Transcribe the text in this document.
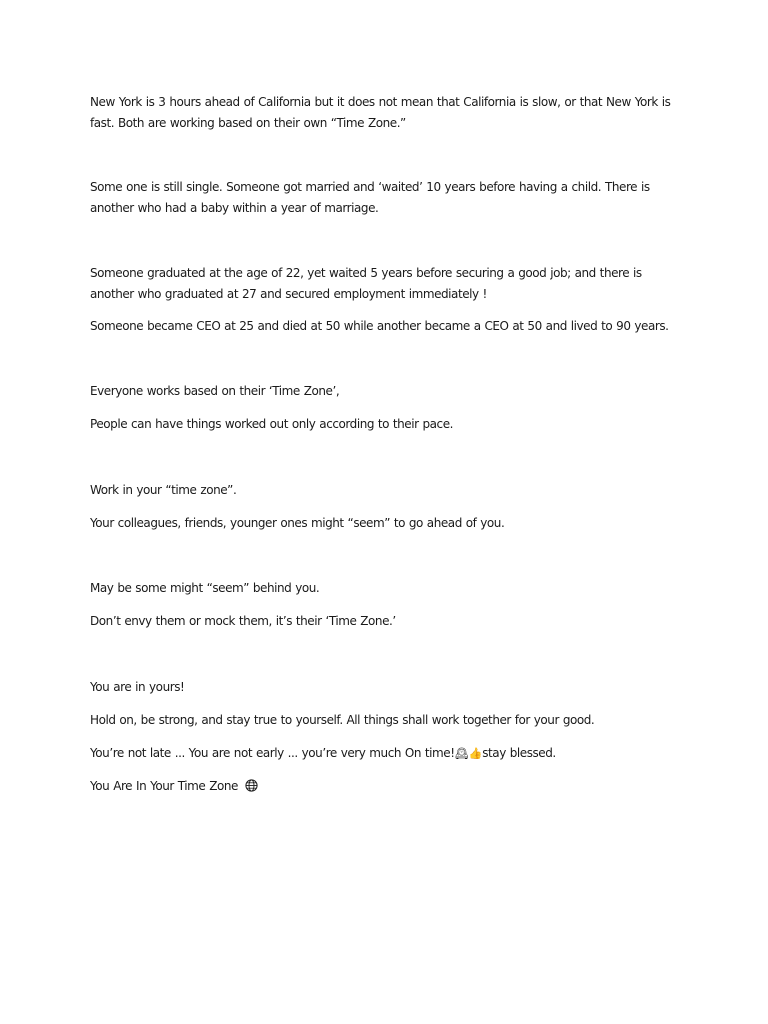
New York is 3 hours ahead of California but it does not mean that California is slow, or that New York is fast. Both are working based on their own “Time Zone.”

Some one is still single. Someone got married and ‘waited’ 10 years before having a child. There is another who had a baby within a year of marriage.

Someone graduated at the age of 22, yet waited 5 years before securing a good job; and there is another who graduated at 27 and secured employment immediately !

Someone became CEO at 25 and died at 50 while another became a CEO at 50 and lived to 90 years.

Everyone works based on their ‘Time Zone’,

People can have things worked out only according to their pace.

Work in your “time zone”.

Your colleagues, friends, younger ones might “seem” to go ahead of you.

May be some might “seem” behind you.

Don’t envy them or mock them, it’s their ‘Time Zone.’

You are in yours!

Hold on, be strong, and stay true to yourself. All things shall work together for your good.

You’re not late ... You are not early ... you’re very much On time!🕰👍stay blessed.

You Are In Your Time Zone
